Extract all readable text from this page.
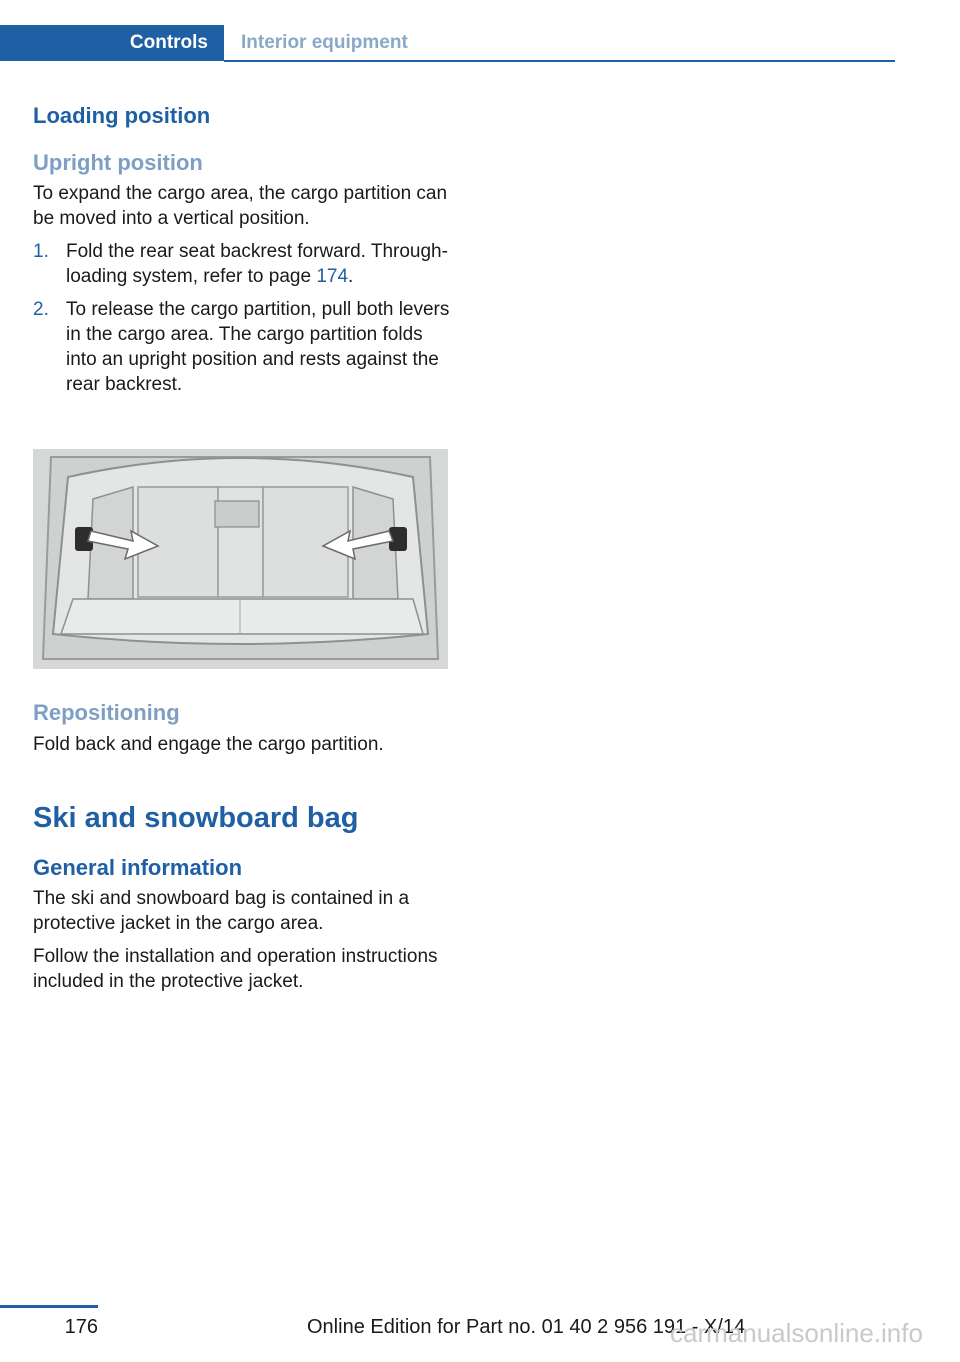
Controls Interior equipment
Loading position
Upright position

To expand the cargo area, the cargo partition can be moved into a vertical position.

1. Fold the rear seat backrest forward. Through-loading system, refer to page 174.
2. To release the cargo partition, pull both levers in the cargo area. The cargo partition folds into an upright position and rests against the rear backrest.
Repositioning

Fold back and engage the cargo partition.

Ski and snowboard bag
General information

The ski and snowboard bag is contained in a protective jacket in the cargo area.

Follow the installation and operation instructions included in the protective jacket.

176	Online Edition for Part no. 01 40 2 956 191 - X/14
carmanualsonline.info
